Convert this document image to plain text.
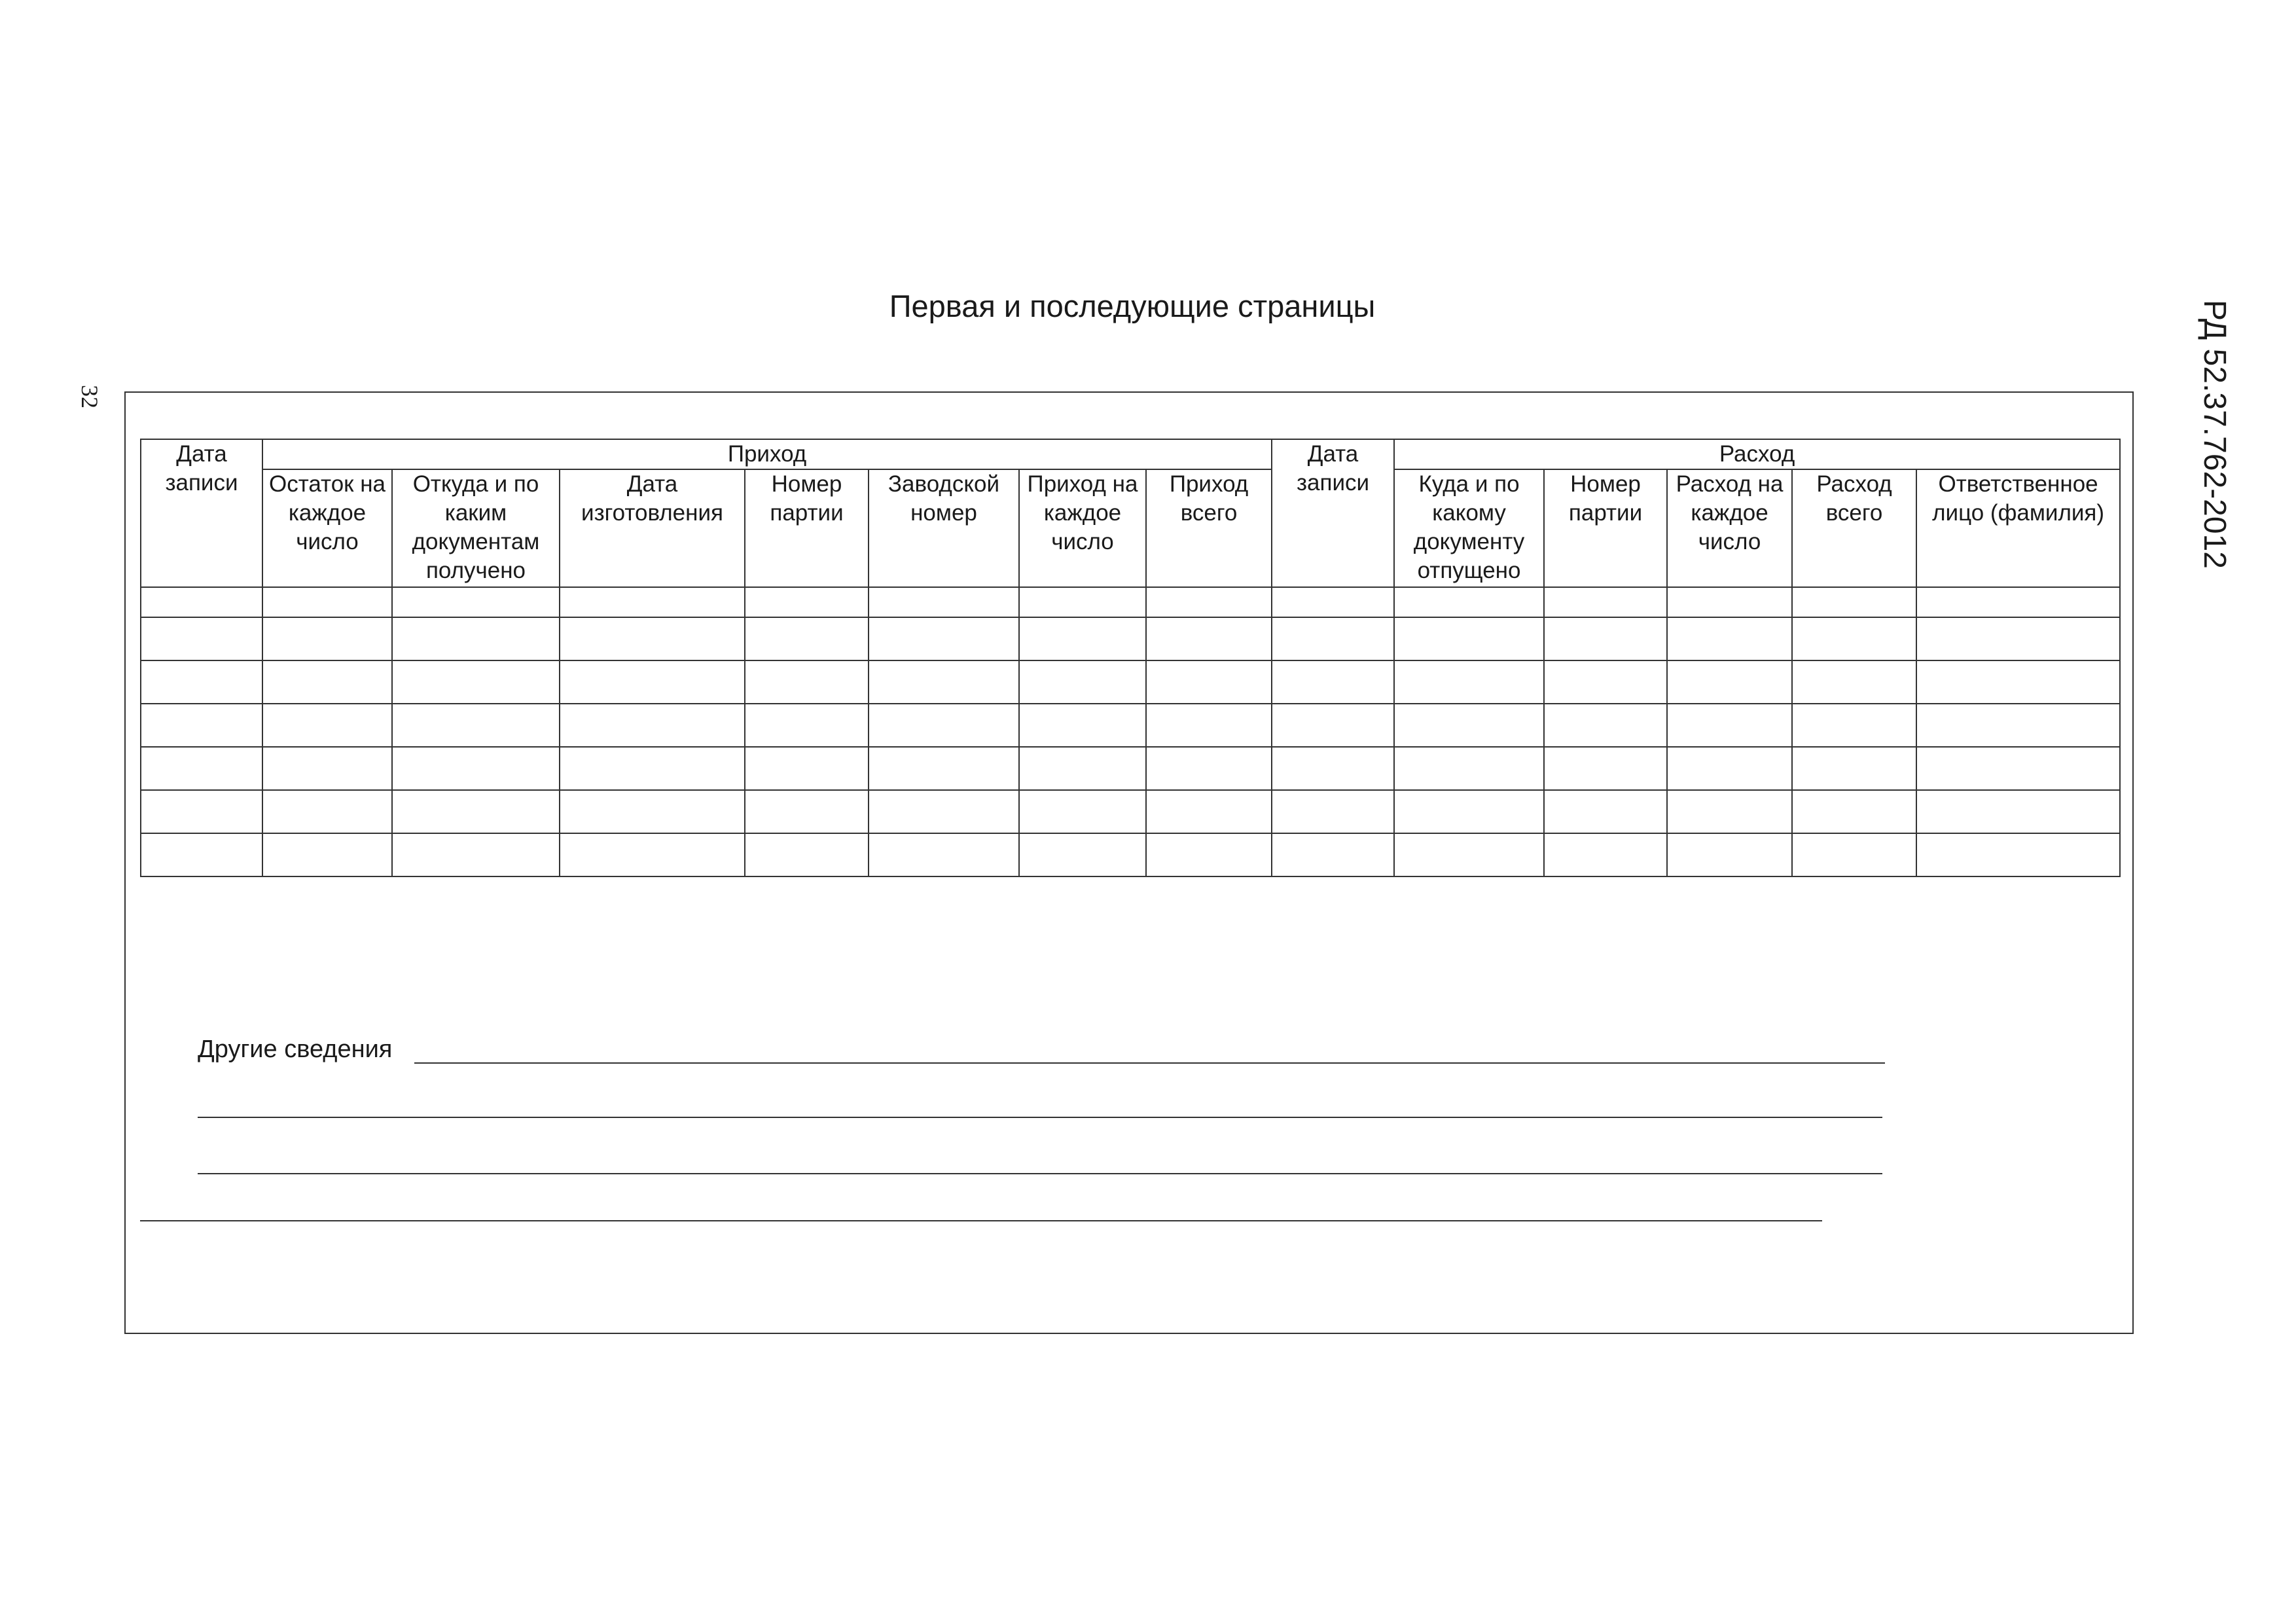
Первая и последующие страницы
32	РД 52.37.762-2012
Дата записи	Приход							Дата записи	Расход				
	Остаток на каждое число	Откуда и по каким документам получено	Дата изготовления	Номер партии	Заводской номер	Приход на каждое число	Приход всего		Куда и по какому документу отпущено	Номер партии	Расход на каждое число	Расход всего	Ответственное лицо (фамилия)

Другие сведения
